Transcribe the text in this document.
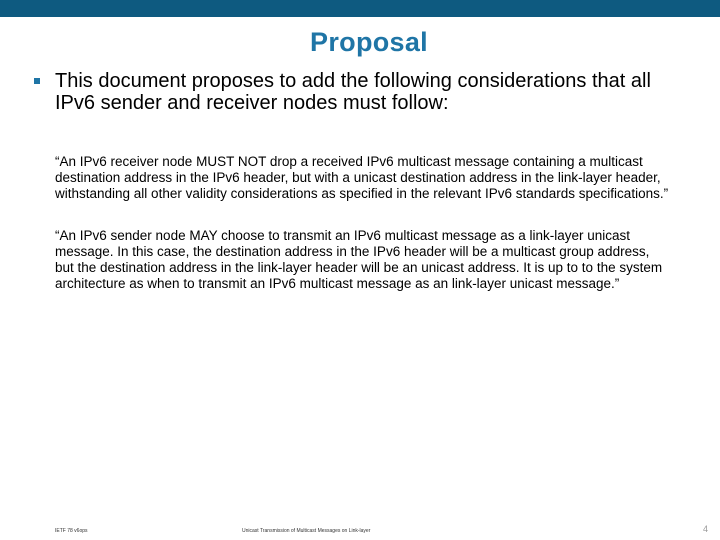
Proposal
This document proposes to add the following considerations that all IPv6 sender and receiver nodes must follow:
“An IPv6 receiver node MUST NOT drop a received IPv6 multicast message containing a multicast destination address in the IPv6 header, but with a unicast destination address in the link-layer header, withstanding all other validity considerations as specified in the relevant IPv6 standards specifications.”
“An IPv6 sender node MAY choose to transmit an IPv6 multicast message as a link-layer unicast message. In this case, the destination address in the IPv6 header will be a multicast group address, but the destination address in the link-layer header will be an unicast address. It is up to to the system architecture as when to transmit an IPv6 multicast message as an link-layer unicast message.”
IETF 78 v6ops	Unicast Transmission of Multicast Messages on Link-layer	4
